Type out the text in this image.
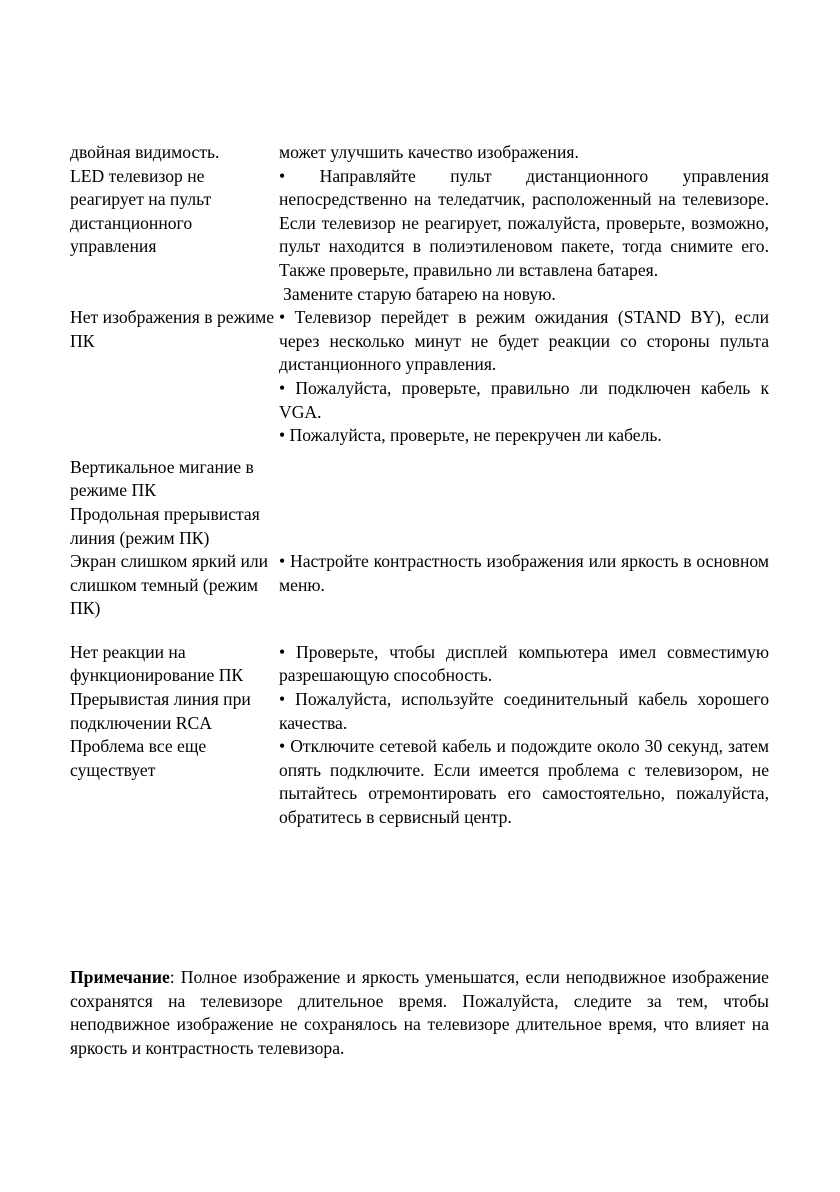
двойная видимость.	может улучшить качество изображения.

LED телевизор не реагирует на пульт дистанционного управления

• Направляйте пульт дистанционного управления непосредственно на теледатчик, расположенный на телевизоре. Если телевизор не реагирует, пожалуйста, проверьте, возможно, пульт находится в полиэтиленовом пакете, тогда снимите его. Также проверьте, правильно ли вставлена батарея.

Замените старую батарею на новую.

Нет изображения в режиме ПК

• Телевизор перейдет в режим ожидания (STAND BY), если через несколько минут не будет реакции со стороны пульта дистанционного управления.

• Пожалуйста, проверьте, правильно ли подключен кабель к VGA.

• Пожалуйста, проверьте, не перекручен ли кабель.

Вертикальное мигание в режиме ПК
Продольная прерывистая линия (режим ПК)
Экран слишком яркий или слишком темный (режим ПК)

• Настройте контрастность изображения или яркость в основном меню.

Нет реакции на функционирование ПК

• Проверьте, чтобы дисплей компьютера имел совместимую разрешающую способность.

Прерывистая линия при подключении RCA

• Пожалуйста, используйте соединительный кабель хорошего качества.

Проблема все еще существует

• Отключите сетевой кабель и подождите около 30 секунд, затем опять подключите. Если имеется проблема с телевизором, не пытайтесь отремонтировать его самостоятельно, пожалуйста, обратитесь в сервисный центр.

Примечание: Полное изображение и яркость уменьшатся, если неподвижное изображение сохранятся на телевизоре длительное время. Пожалуйста, следите за тем, чтобы неподвижное изображение не сохранялось на телевизоре длительное время, что влияет на яркость и контрастность телевизора.
